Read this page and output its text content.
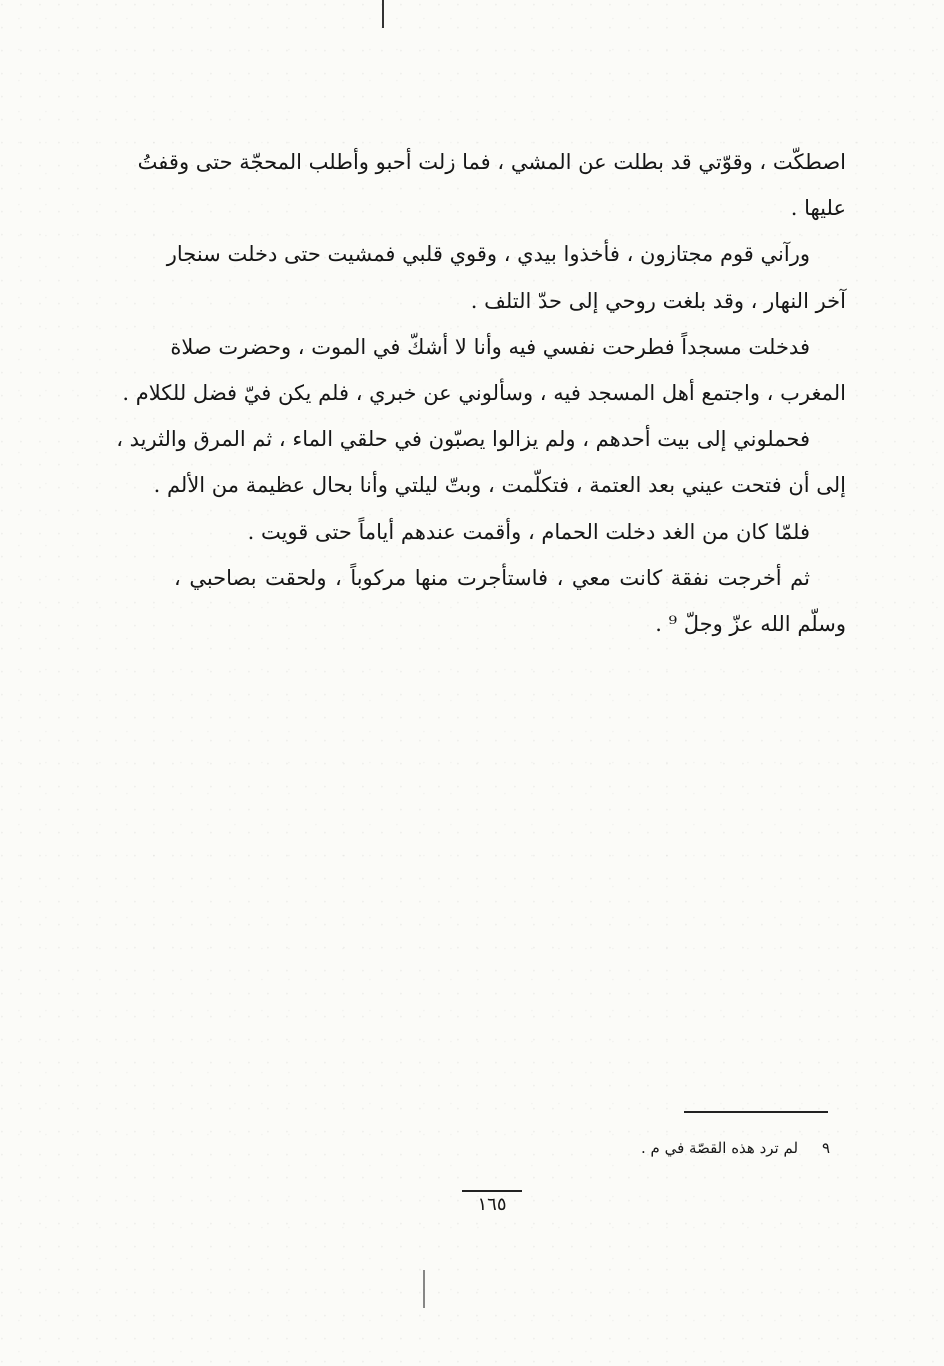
اصطكّت ، وقوّتي قد بطلت عن المشي ، فما زلت أحبو وأطلب المحجّة حتى وقفتُ

عليها .

ورآني قوم مجتازون ، فأخذوا بيدي ، وقوي قلبي فمشيت حتى دخلت سنجار

آخر النهار ، وقد بلغت روحي إلى حدّ التلف .

فدخلت مسجداً فطرحت نفسي فيه وأنا لا أشكّ في الموت ، وحضرت صلاة

المغرب ، واجتمع أهل المسجد فيه ، وسألوني عن خبري ، فلم يكن فيّ فضل للكلام .

فحملوني إلى بيت أحدهم ، ولم يزالوا يصبّون في حلقي الماء ، ثم المرق والثريد ،

إلى أن فتحت عيني بعد العتمة ، فتكلّمت ، وبتّ ليلتي وأنا بحال عظيمة من الألم .

فلمّا كان من الغد دخلت الحمام ، وأقمت عندهم أياماً حتى قويت .

ثم أخرجت نفقة كانت معي ، فاستأجرت منها مركوباً ، ولحقت بصاحبي ،

وسلّم الله عزّ وجلّ ⁹ .

٩     لم ترد هذه القصّة في م .
١٦٥
